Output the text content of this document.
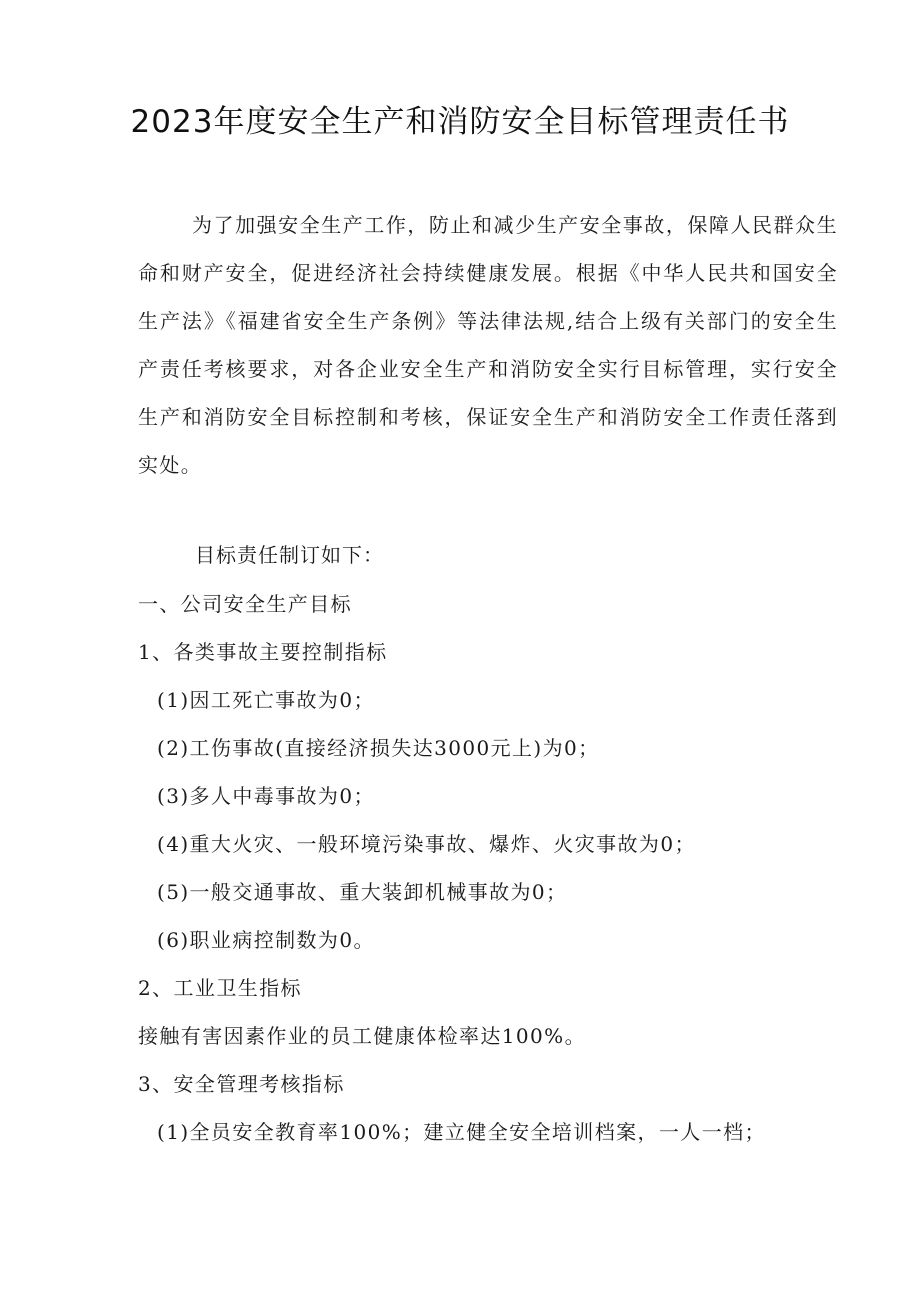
2023年度安全生产和消防安全目标管理责任书

为了加强安全生产工作，防止和减少生产安全事故，保障人民群众生命和财产安全，促进经济社会持续健康发展。根据《中华人民共和国安全生产法》《福建省安全生产条例》等法律法规,结合上级有关部门的安全生产责任考核要求，对各企业安全生产和消防安全实行目标管理，实行安全生产和消防安全目标控制和考核，保证安全生产和消防安全工作责任落到实处。

目标责任制订如下：
一、公司安全生产目标
1、各类事故主要控制指标
(1)因工死亡事故为0；
(2)工伤事故(直接经济损失达3000元上)为0；
(3)多人中毒事故为0；
(4)重大火灾、一般环境污染事故、爆炸、火灾事故为0；
(5)一般交通事故、重大装卸机械事故为0；
(6)职业病控制数为0。
2、工业卫生指标
接触有害因素作业的员工健康体检率达100%。
3、安全管理考核指标
(1)全员安全教育率100%；建立健全安全培训档案，一人一档；
